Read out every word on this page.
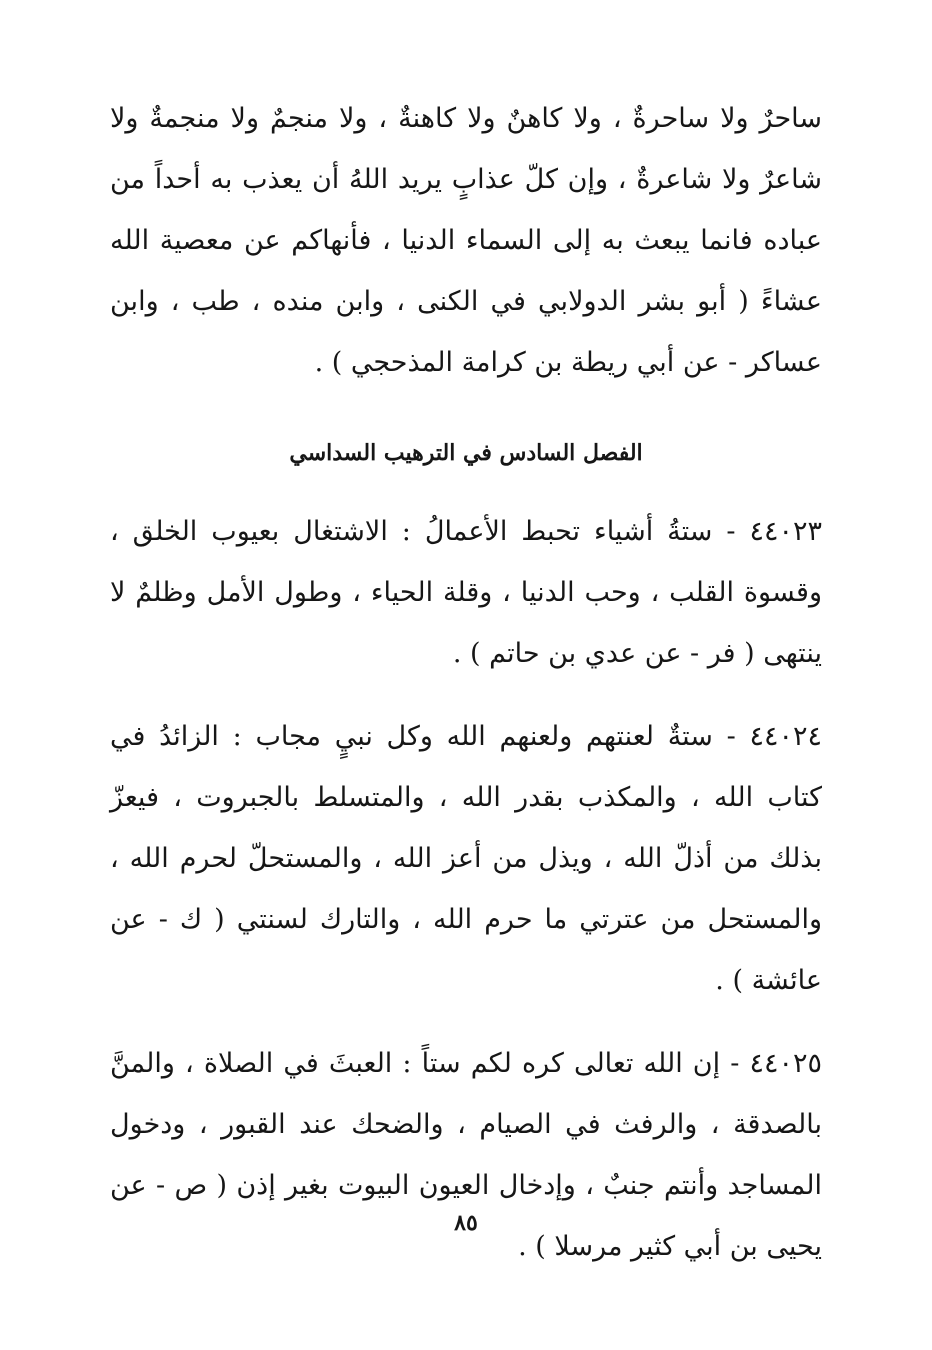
ساحرٌ ولا ساحرةٌ ، ولا كاهنٌ ولا كاهنةٌ ، ولا منجمٌ ولا منجمةٌ ولا شاعرٌ ولا شاعرةٌ ، وإن كلّ عذابٍ يريد اللهُ أن يعذب به أحداً من عباده فانما يبعث به إلى السماء الدنيا ، فأنهاكم عن معصية الله عشاءً ( أبو بشر الدولابي في الكنى ، وابن منده ، طب ، وابن عساكر - عن أبي ريطة بن كرامة المذحجي ) .

الفصل السادس في الترهيب السداسي

٤٤٠٢٣ - ستةُ أشياء تحبط الأعمالُ : الاشتغال بعيوب الخلق ، وقسوة القلب ، وحب الدنيا ، وقلة الحياء ، وطول الأمل وظلمٌ لا ينتهى ( فر - عن عدي بن حاتم ) .

٤٤٠٢٤ - ستةٌ لعنتهم ولعنهم الله وكل نبيٍ مجاب : الزائدُ في كتاب الله ، والمكذب بقدر الله ، والمتسلط بالجبروت ، فيعزّ بذلك من أذلّ الله ، ويذل من أعز الله ، والمستحلّ لحرم الله ، والمستحل من عترتي ما حرم الله ، والتارك لسنتي ( ك - عن عائشة ) .

٤٤٠٢٥ - إن الله تعالى كره لكم ستاً : العبثَ في الصلاة ، والمنَّ بالصدقة ، والرفث في الصيام ، والضحك عند القبور ، ودخول المساجد وأنتم جنبٌ ، وإدخال العيون البيوت بغير إذن ( ص - عن يحيى بن أبي كثير مرسلا ) .

٨٥
